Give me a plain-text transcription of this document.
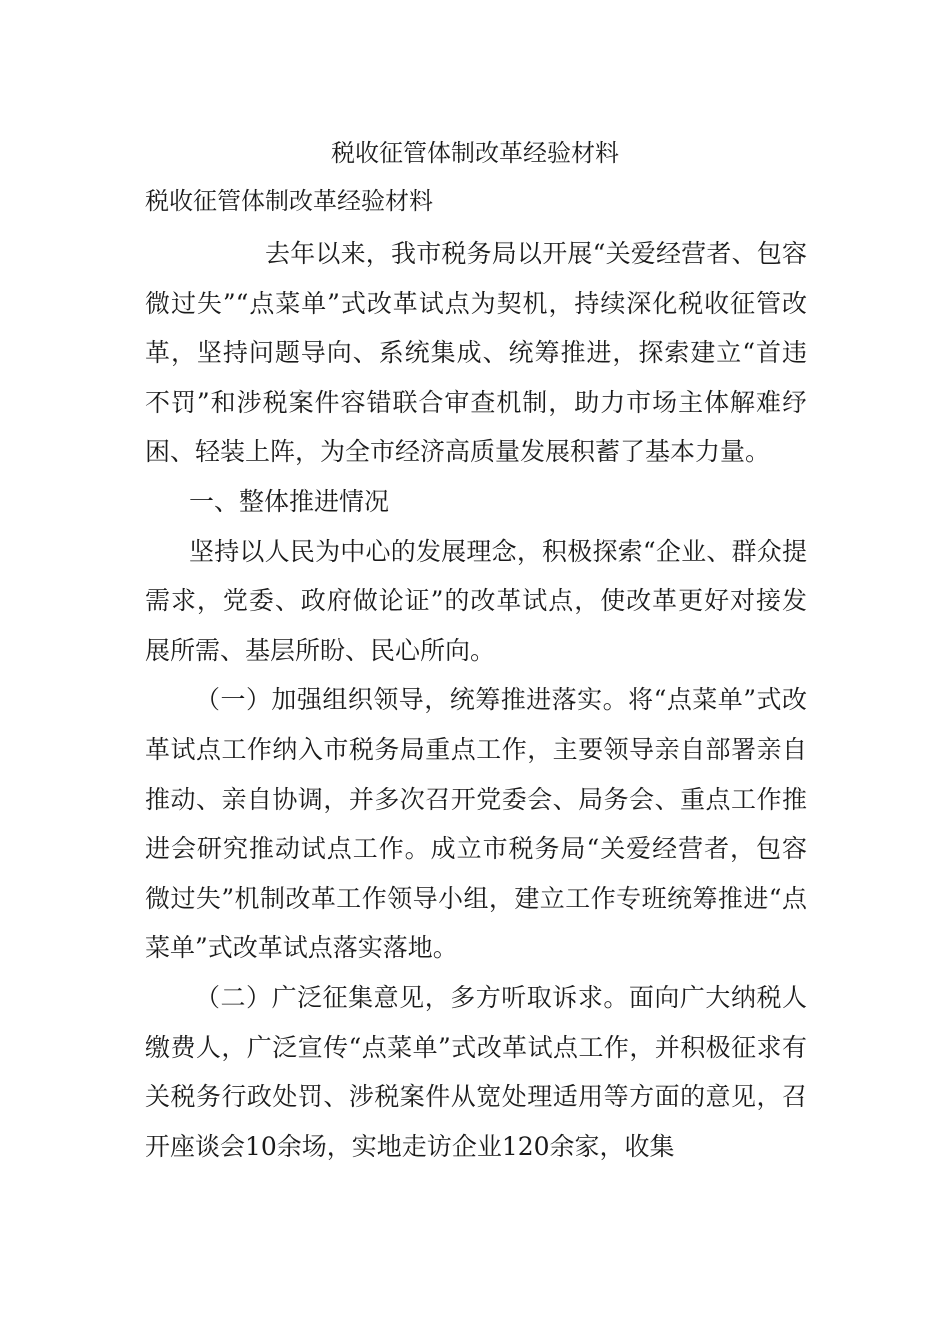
税收征管体制改革经验材料
税收征管体制改革经验材料

去年以来，我市税务局以开展“关爱经营者、包容微过失”“点菜单”式改革试点为契机，持续深化税收征管改革，坚持问题导向、系统集成、统筹推进，探索建立“首违不罚”和涉税案件容错联合审查机制，助力市场主体解难纾困、轻装上阵，为全市经济高质量发展积蓄了基本力量。

一、整体推进情况

坚持以人民为中心的发展理念，积极探索“企业、群众提需求，党委、政府做论证”的改革试点，使改革更好对接发展所需、基层所盼、民心所向。

（一）加强组织领导，统筹推进落实。将“点菜单”式改革试点工作纳入市税务局重点工作，主要领导亲自部署亲自推动、亲自协调，并多次召开党委会、局务会、重点工作推进会研究推动试点工作。成立市税务局“关爱经营者，包容微过失”机制改革工作领导小组，建立工作专班统筹推进“点菜单”式改革试点落实落地。

（二）广泛征集意见，多方听取诉求。面向广大纳税人缴费人，广泛宣传“点菜单”式改革试点工作，并积极征求有关税务行政处罚、涉税案件从宽处理适用等方面的意见，召开座谈会10余场，实地走访企业120余家，收集
